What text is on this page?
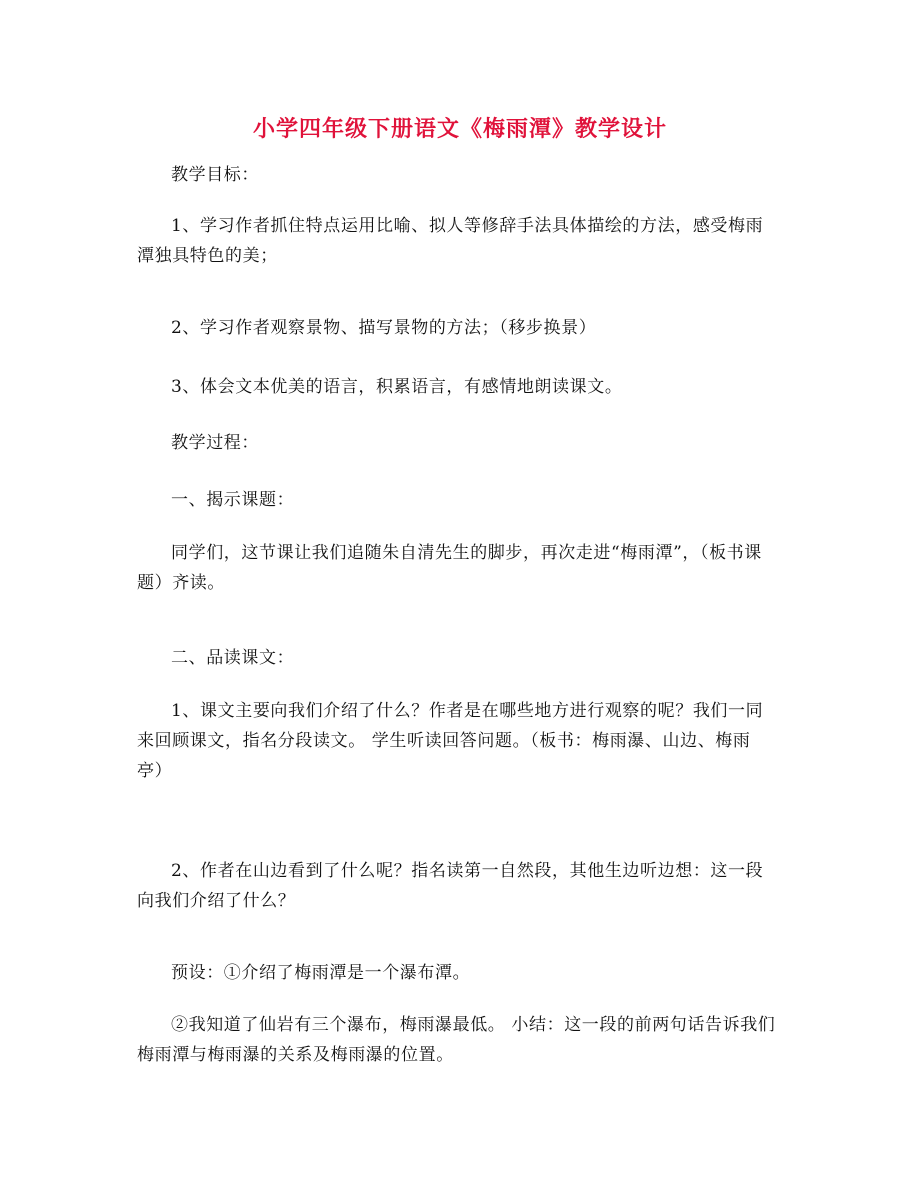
小学四年级下册语文《梅雨潭》教学设计

教学目标：

1、学习作者抓住特点运用比喻、拟人等修辞手法具体描绘的方法，感受梅雨潭独具特色的美；

2、学习作者观察景物、描写景物的方法；（移步换景）

3、体会文本优美的语言，积累语言，有感情地朗读课文。

教学过程：

一、揭示课题：

同学们，这节课让我们追随朱自清先生的脚步，再次走进“梅雨潭”，（板书课题）齐读。

二、品读课文：

1、课文主要向我们介绍了什么？作者是在哪些地方进行观察的呢？我们一同来回顾课文，指名分段读文。 学生听读回答问题。（板书：梅雨瀑、山边、梅雨亭）

2、作者在山边看到了什么呢？指名读第一自然段，其他生边听边想：这一段向我们介绍了什么？

预设：①介绍了梅雨潭是一个瀑布潭。

②我知道了仙岩有三个瀑布，梅雨瀑最低。 小结：这一段的前两句话告诉我们梅雨潭与梅雨瀑的关系及梅雨瀑的位置。
